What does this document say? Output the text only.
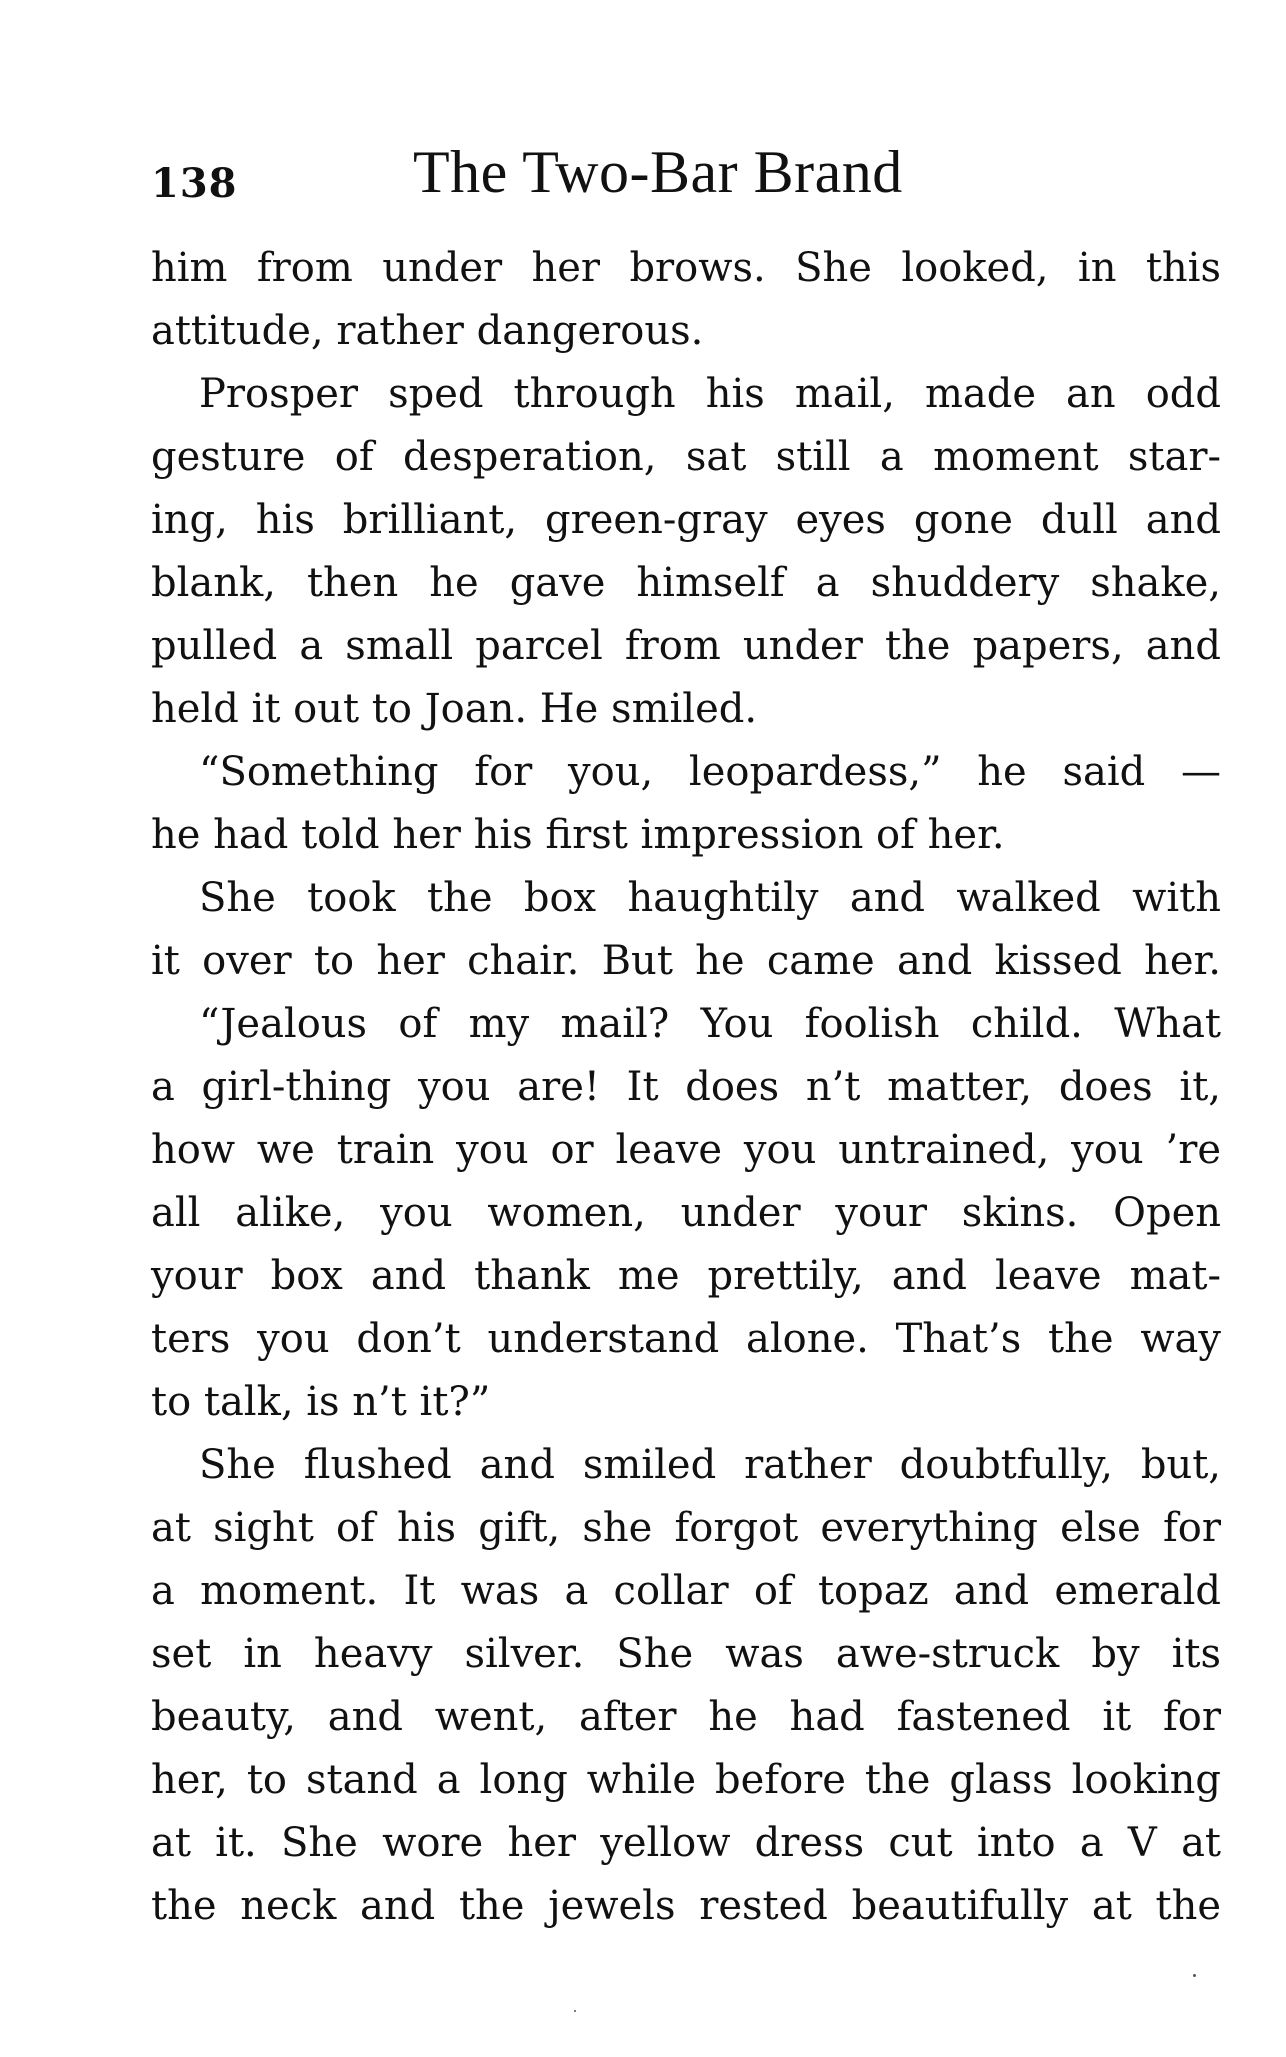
138	The Two-Bar Brand
him from under her brows. She looked, in this
attitude, rather dangerous.
Prosper sped through his mail, made an odd
gesture of desperation, sat still a moment star-
ing, his brilliant, green-gray eyes gone dull and
blank, then he gave himself a shuddery shake,
pulled a small parcel from under the papers, and
held it out to Joan. He smiled.
“Something for you, leopardess,” he said —
he had told her his first impression of her.
She took the box haughtily and walked with
it over to her chair. But he came and kissed her.
“Jealous of my mail? You foolish child. What
a girl-thing you are! It does n’t matter, does it,
how we train you or leave you untrained, you ’re
all alike, you women, under your skins. Open
your box and thank me prettily, and leave mat-
ters you don’t understand alone. That’s the way
to talk, is n’t it?”
She flushed and smiled rather doubtfully, but,
at sight of his gift, she forgot everything else for
a moment. It was a collar of topaz and emerald
set in heavy silver. She was awe-struck by its
beauty, and went, after he had fastened it for
her, to stand a long while before the glass looking
at it. She wore her yellow dress cut into a V at
the neck and the jewels rested beautifully at the
